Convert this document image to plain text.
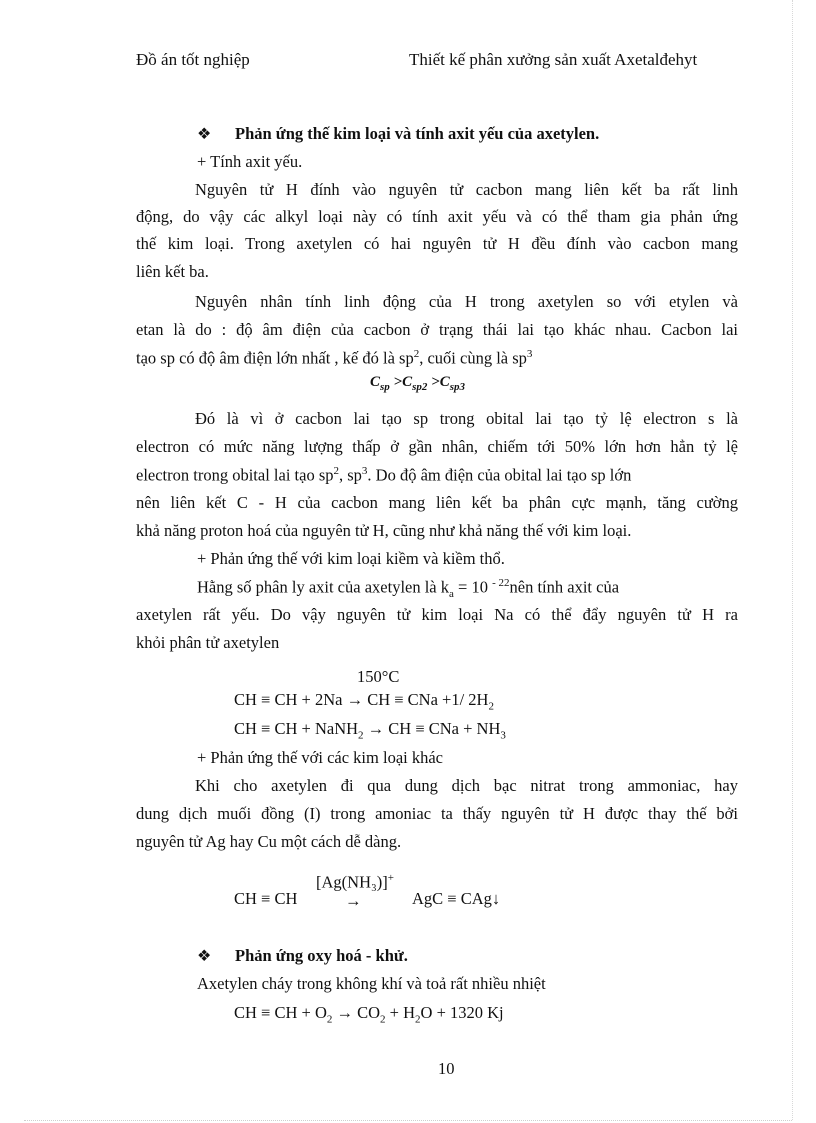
Đồ án tốt nghiệp	Thiết kế phân xưởng sản xuất Axetalđehyt
❖ Phản ứng thế kim loại và tính axit yếu của axetylen.
+ Tính axit yếu.
Nguyên tử H đính vào nguyên tử cacbon mang liên kết ba rất linh
động, do vậy các alkyl loại này có tính axit yếu và có thể tham gia phản ứng
thế kim loại. Trong axetylen có hai nguyên tử H đều đính vào cacbon mang
liên kết ba.
Nguyên nhân tính linh động của H trong axetylen so với etylen và
etan là do : độ âm điện của cacbon ở trạng thái lai tạo khác nhau. Cacbon lai
tạo sp có độ âm điện lớn nhất , kế đó là $sp^2$, cuối cùng là $sp^3$
$C_{sp} >C_{sp2} >C_{sp3}$
Đó là vì ở cacbon lai tạo sp trong obital lai tạo tỷ lệ electron s là
electron có mức năng lượng thấp ở gần nhân, chiếm tới 50% lớn hơn hẳn tỷ lệ
electron trong obital lai tạo $sp^2$, $sp^3$. Do độ âm điện của obital lai tạo sp lớn
nên liên kết C - H của cacbon mang liên kết ba phân cực mạnh, tăng cường
khả năng proton hoá của nguyên tử H, cũng như khả năng thế với kim loại.
+ Phản ứng thế với kim loại kiềm và kiềm thổ.
Hằng số phân ly axit của axetylen là $k_a = 10$ $^{- 22}$nên tính axit của
axetylen rất yếu. Do vậy nguyên tử kim loại Na có thể đẩy nguyên tử H ra
khỏi phân tử axetylen
150°C
CH ≡ CH + 2Na → CH ≡ CNa +1/ $2H_2$
CH ≡ CH + NaNH$_2$ → CH ≡ CNa + $NH_3$
+ Phản ứng thế với các kim loại khác
Khi cho axetylen đi qua dung dịch bạc nitrat trong ammoniac, hay
dung dịch muối đồng (I) trong amoniac ta thấy nguyên tử H được thay thế bởi
nguyên tử Ag hay Cu một cách dễ dàng.
[Ag(NH₃)]+
CH ≡ CH	→	AgC ≡ CAg↓
❖ Phản ứng oxy hoá - khử.
Axetylen cháy trong không khí và toả rất nhiều nhiệt
CH ≡ CH + $O_2 \to CO_2 + H_2O + 1320$ Kj
10
